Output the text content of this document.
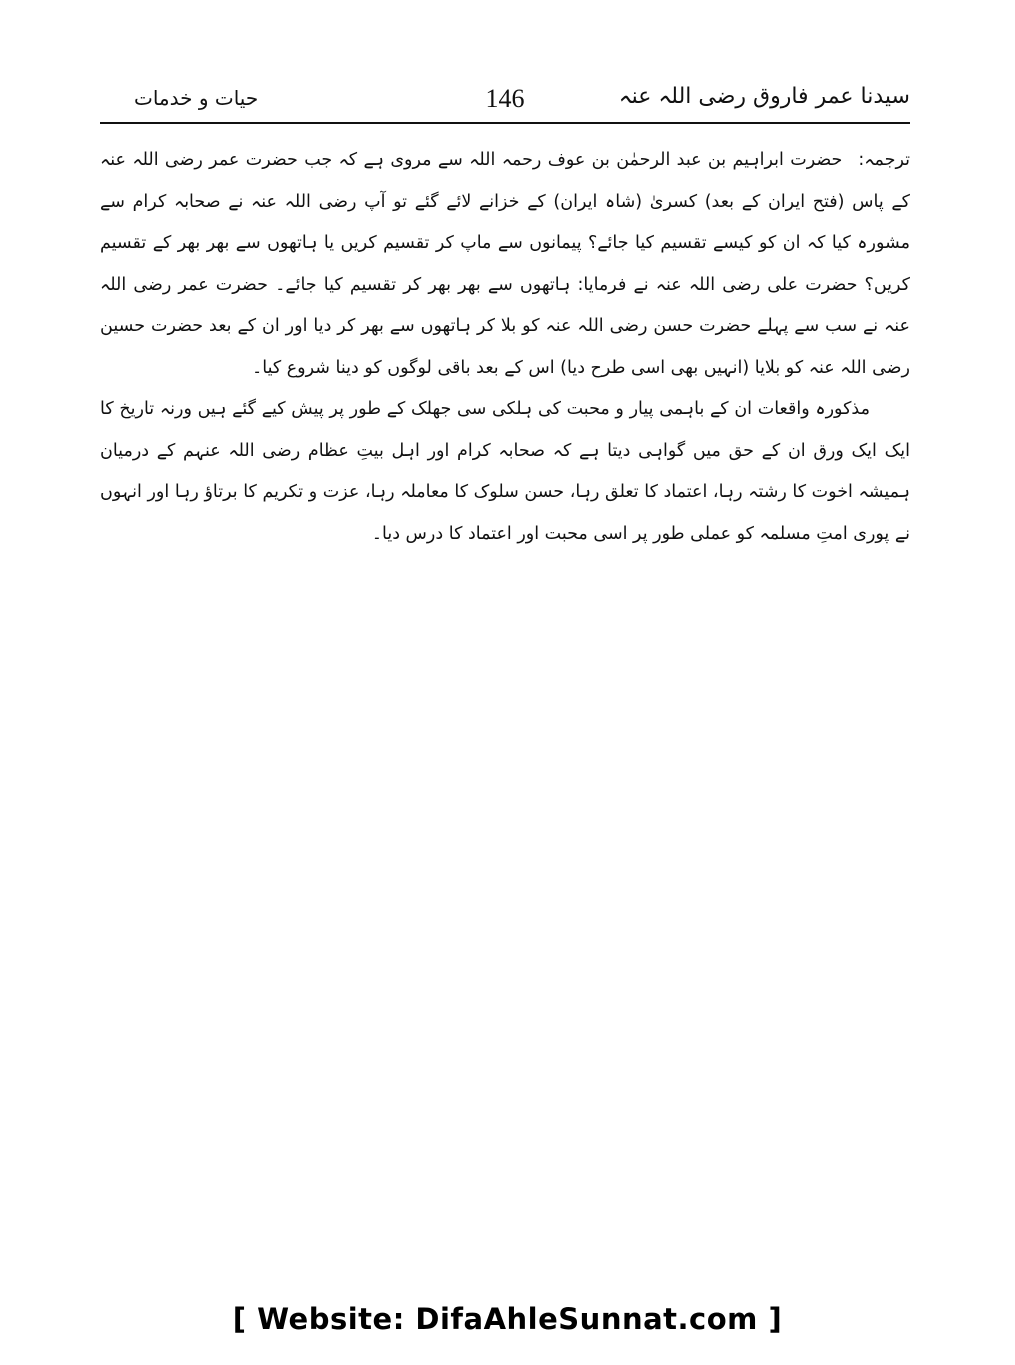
سیدنا عمر فاروق رضی اللہ عنہ
146
حیات و خدمات

ترجمہ:حضرت ابراہیم بن عبد الرحمٰن بن عوف رحمہ اللہ سے مروی ہے کہ جب حضرت عمر رضی اللہ عنہ کے پاس (فتح ایران کے بعد) کسریٰ (شاہ ایران) کے خزانے لائے گئے تو آپ رضی اللہ عنہ نے صحابہ کرام سے مشورہ کیا کہ ان کو کیسے تقسیم کیا جائے؟ پیمانوں سے ماپ کر تقسیم کریں یا ہاتھوں سے بھر بھر کے تقسیم کریں؟ حضرت علی رضی اللہ عنہ نے فرمایا: ہاتھوں سے بھر بھر کر تقسیم کیا جائے۔ حضرت عمر رضی اللہ عنہ نے سب سے پہلے حضرت حسن رضی اللہ عنہ کو بلا کر ہاتھوں سے بھر کر دیا اور ان کے بعد حضرت حسین رضی اللہ عنہ کو بلایا (انہیں بھی اسی طرح دیا) اس کے بعد باقی لوگوں کو دینا شروع کیا۔

مذکورہ واقعات ان کے باہمی پیار و محبت کی ہلکی سی جھلک کے طور پر پیش کیے گئے ہیں ورنہ تاریخ کا ایک ایک ورق ان کے حق میں گواہی دیتا ہے کہ صحابہ کرام اور اہل بیتِ عظام رضی اللہ عنہم کے درمیان ہمیشہ اخوت کا رشتہ رہا، اعتماد کا تعلق رہا، حسن سلوک کا معاملہ رہا، عزت و تکریم کا برتاؤ رہا اور انہوں نے پوری امتِ مسلمہ کو عملی طور پر اسی محبت اور اعتماد کا درس دیا۔

[ Website: DifaAhleSunnat.com ]
